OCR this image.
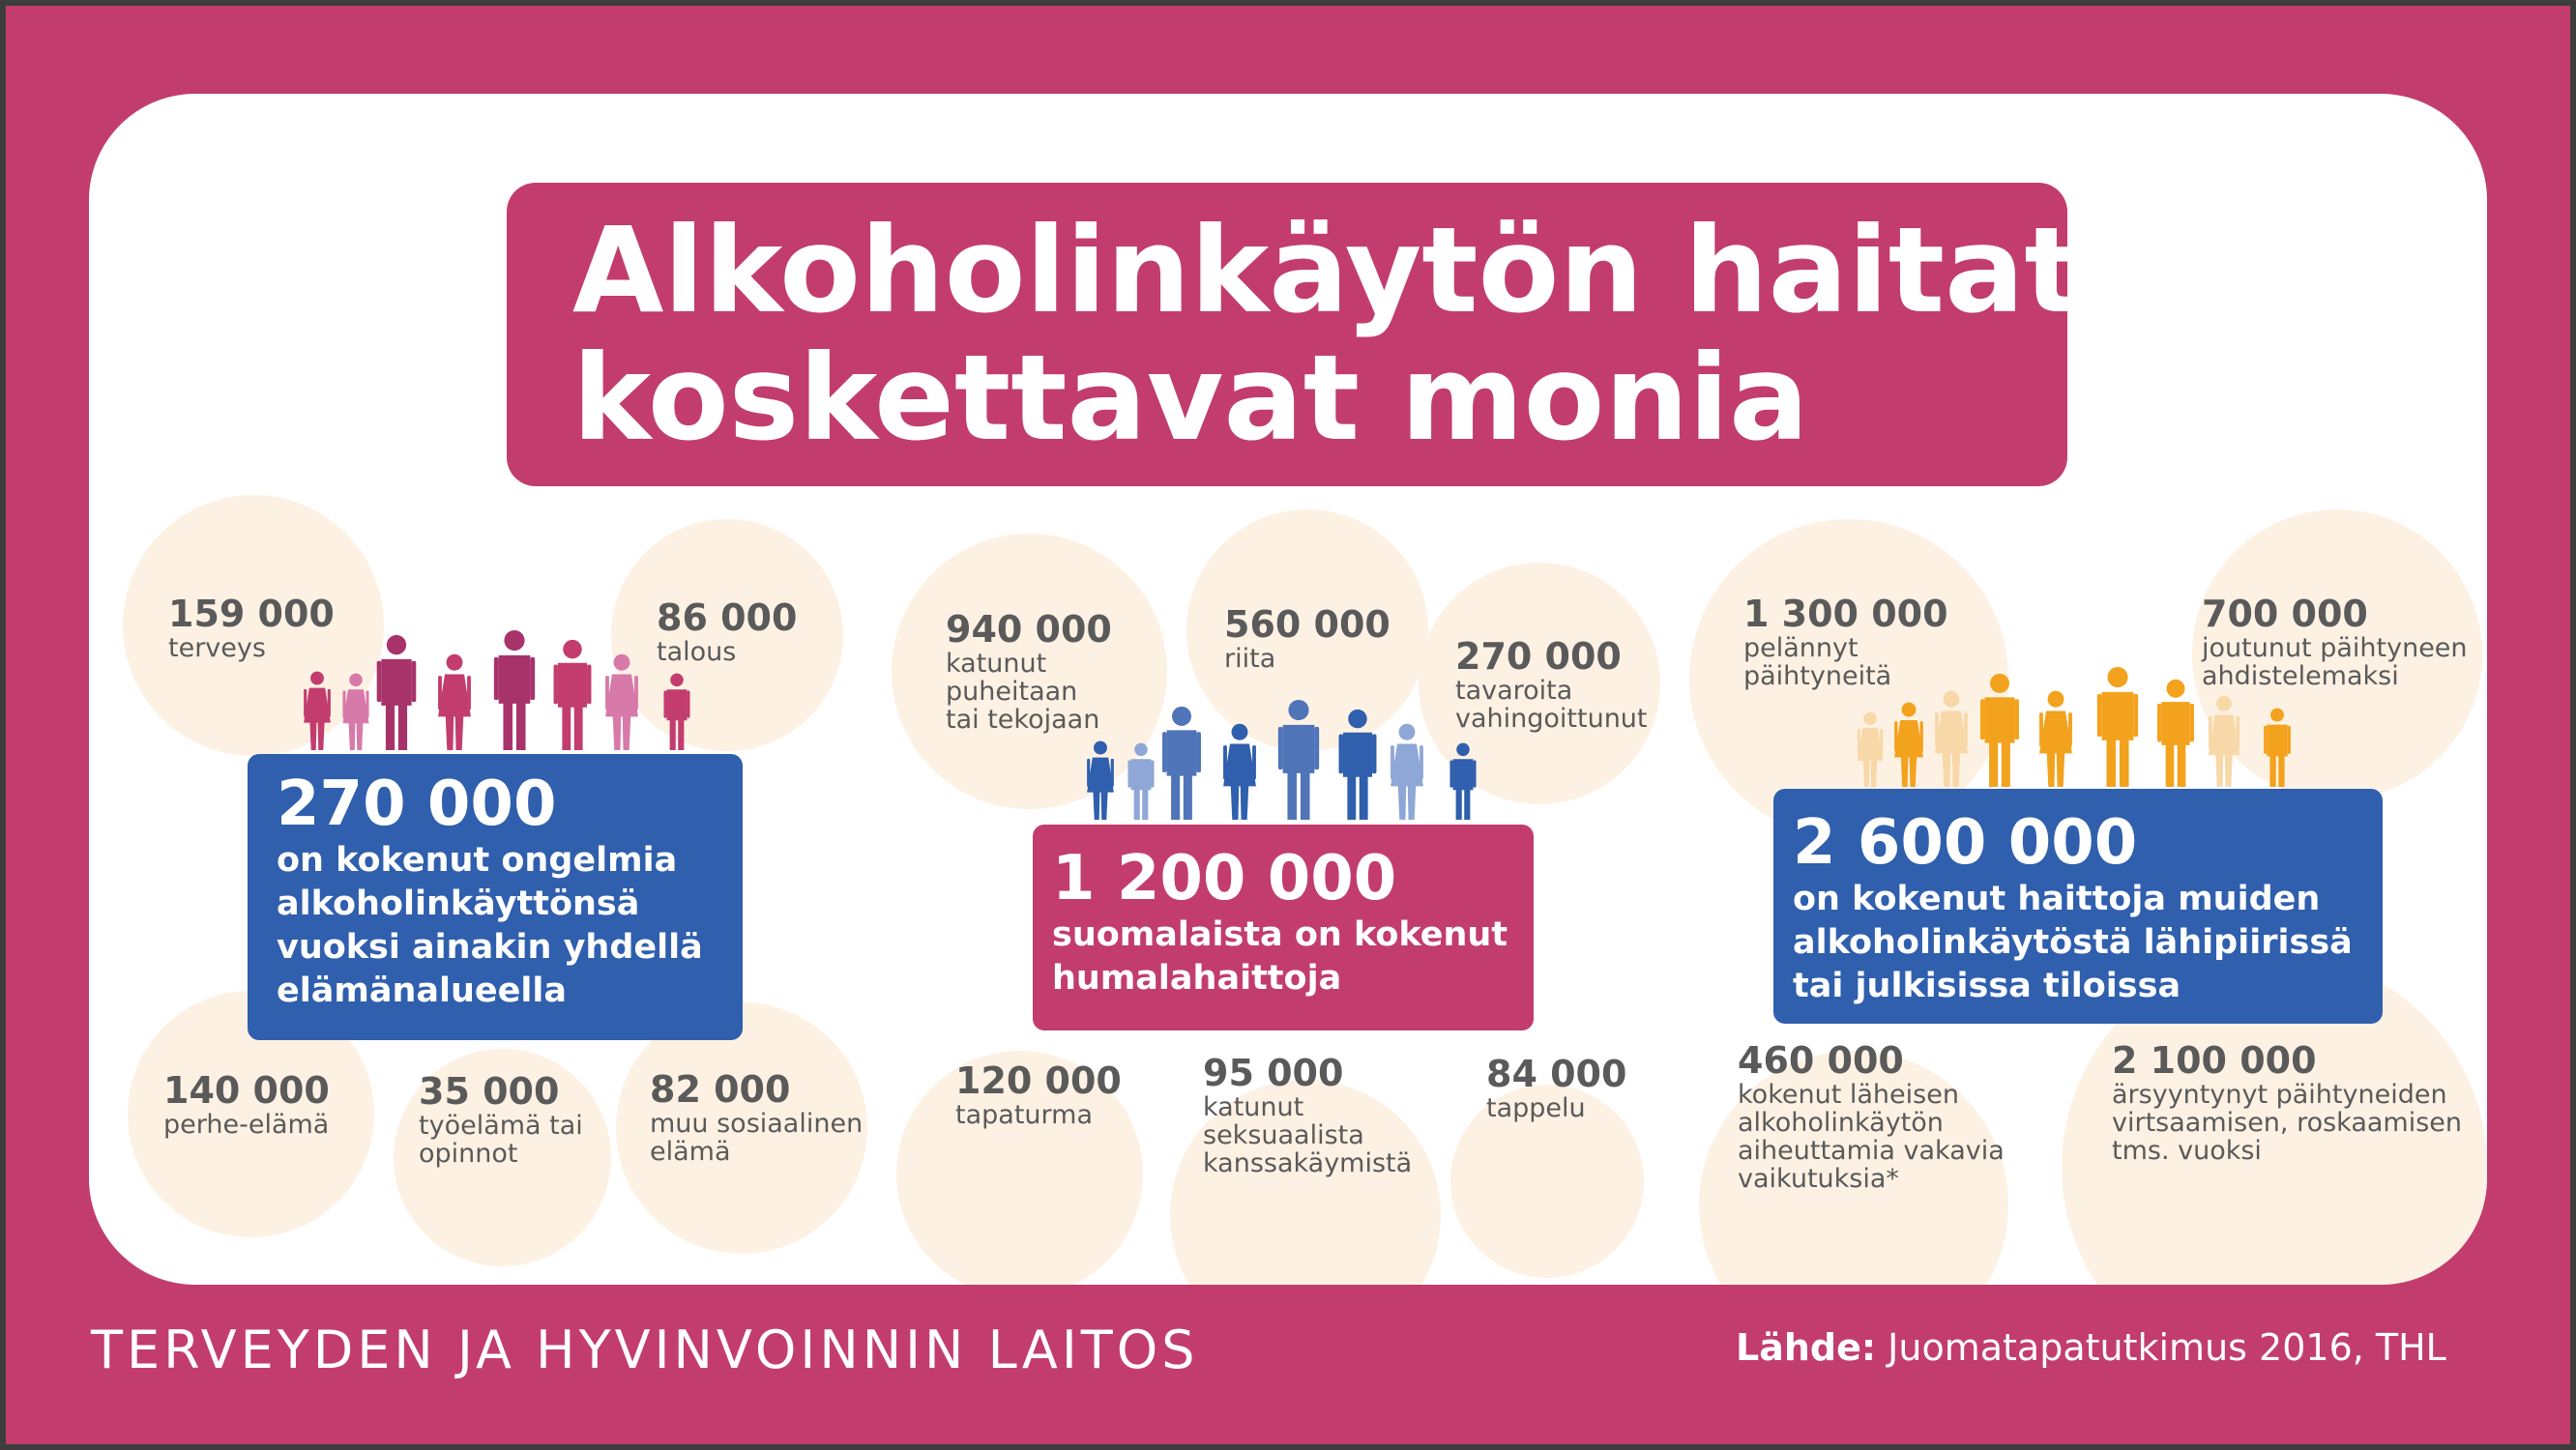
Alkoholinkäytön haitat
koskettavat monia
159 000
terveys
86 000
talous
270 000
on kokenut ongelmia
alkoholinkäyttönsä
vuoksi ainakin yhdellä
elämänalueella
140 000
perhe-elämä
35 000
työelämä tai
opinnot
82 000
muu sosiaalinen
elämä
940 000
katunut
puheitaan
tai tekojaan
560 000
riita	270 000
tavaroita
vahingoittunut
1 200 000
suomalaista on kokenut
humalahaittoja
120 000
tapaturma
95 000
katunut
seksuaalista
kanssakäymistä
84 000
tappelu
1 300 000
pelännyt
päihtyneitä
700 000
joutunut päihtyneen
ahdistelemaksi
2 600 000
on kokenut haittoja muiden
alkoholinkäytöstä lähipiirissä
tai julkisissa tiloissa
460 000
kokenut läheisen
alkoholinkäytön
aiheuttamia vakavia
vaikutuksia*
2 100 000
ärsyyntynyt päihtyneiden
virtsaamisen, roskaamisen
tms. vuoksi
TERVEYDEN JA HYVINVOINNIN LAITOS	Lähde: Juomatapatutkimus 2016, THL
